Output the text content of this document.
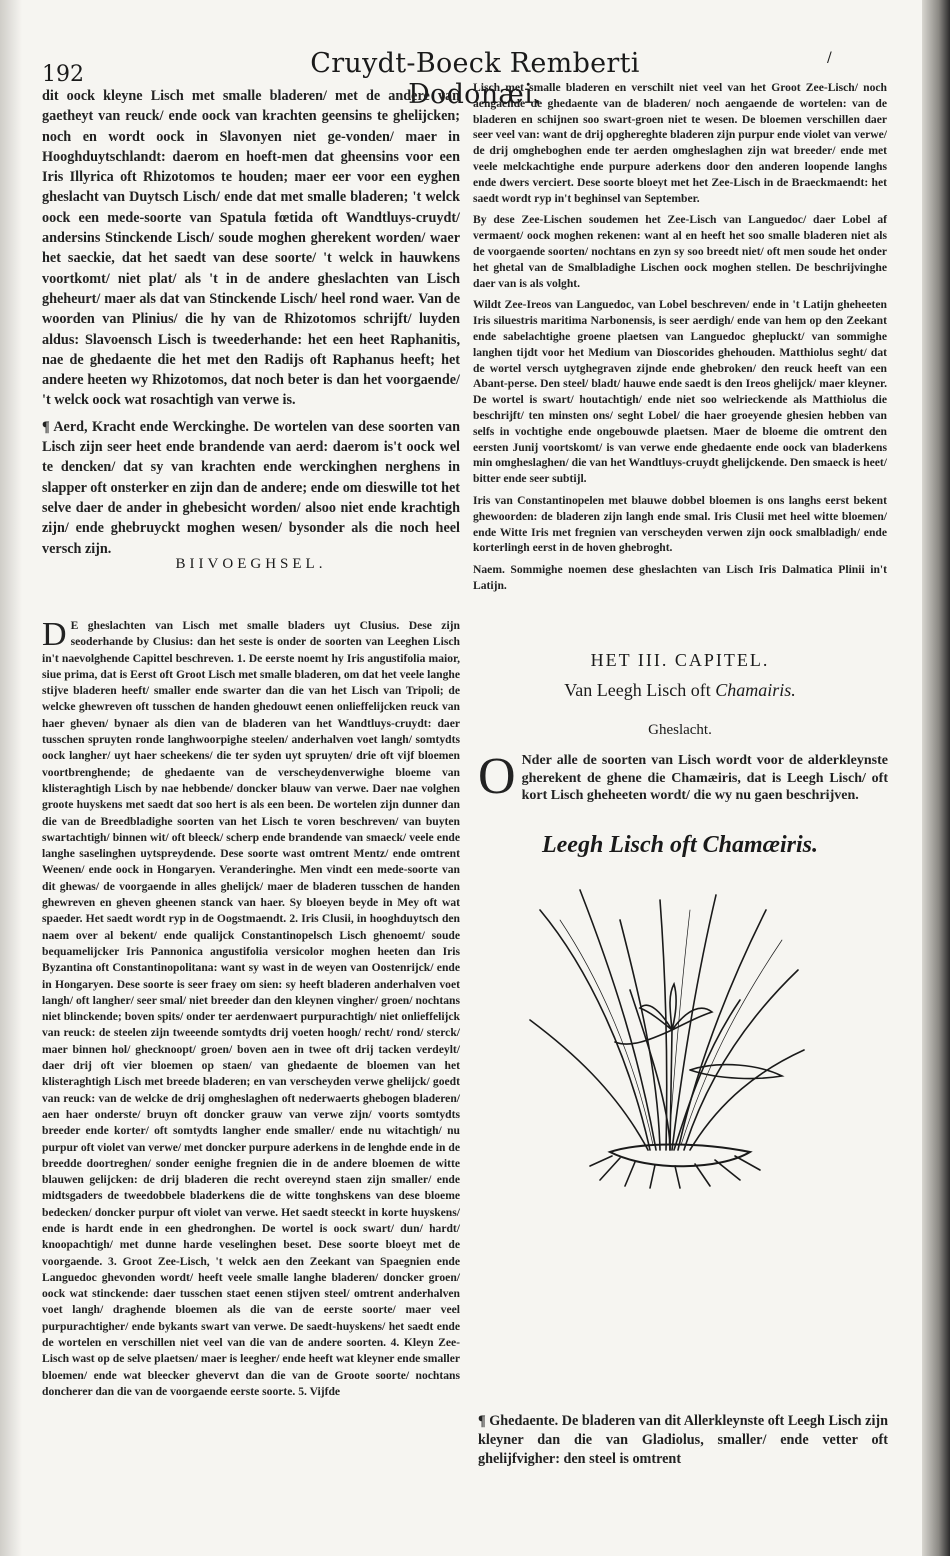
192	Cruydt-Boeck Remberti Dodonæi.
/

dit oock kleyne Lisch met smalle bladeren/ met de andere van gaetheyt van reuck/ ende oock van krachten geensins te ghelijcken; noch en wordt oock in Slavonyen niet ge-vonden/ maer in Hooghduytschlandt: daerom en hoeft-men dat gheensins voor een Iris Illyrica oft Rhizotomos te houden; maer eer voor een eyghen gheslacht van Duytsch Lisch/ ende dat met smalle bladeren; 't welck oock een mede-soorte van Spatula fœtida oft Wandtluys-cruydt/ andersins Stinckende Lisch/ soude moghen gherekent worden/ waer het saeckie, dat het saedt van dese soorte/ 't welck in hauwkens voortkomt/ niet plat/ als 't in de andere gheslachten van Lisch gheheurt/ maer als dat van Stinckende Lisch/ heel rond waer. Van de woorden van Plinius/ die hy van de Rhizotomos schrijft/ luyden aldus: Slavoensch Lisch is tweederhande: het een heet Raphanitis, nae de ghedaente die het met den Radijs oft Raphanus heeft; het andere heeten wy Rhizotomos, dat noch beter is dan het voorgaende/ 't welck oock wat rosachtigh van verwe is.

¶ Aerd, Kracht ende Werckinghe. De wortelen van dese soorten van Lisch zijn seer heet ende brandende van aerd: daerom is't oock wel te dencken/ dat sy van krachten ende werckinghen nerghens in slapper oft onsterker en zijn dan de andere; ende om dieswille tot het selve daer de ander in ghebesicht worden/ alsoo niet ende krachtigh zijn/ ende ghebruyckt moghen wesen/ bysonder als die noch heel versch zijn.

BIIVOEGHSEL.
D E gheslachten van Lisch met smalle bladers uyt Clusius. Dese zijn seoderhande by Clusius: dan het seste is onder de soorten van Leeghen Lisch in't naevolghende Capittel beschreven. 1. De eerste noemt hy Iris angustifolia maior, siue prima, dat is Eerst oft Groot Lisch met smalle bladeren, om dat het veele langhe stijve bladeren heeft/ smaller ende swarter dan die van het Lisch van Tripoli; de welcke ghewreven oft tusschen de handen ghedouwt eenen onlieffelijcken reuck van haer gheven/ bynaer als dien van de bladeren van het Wandtluys-cruydt: daer tusschen spruyten ronde langhwoorpighe steelen/ anderhalven voet langh/ somtydts oock langher/ uyt haer scheekens/ die ter syden uyt spruyten/ drie oft vijf bloemen voortbrenghende; de ghedaente van de verscheydenverwighe bloeme van klisteraghtigh Lisch by nae hebbende/ doncker blauw van verwe. Daer nae volghen groote huyskens met saedt dat soo hert is als een been. De wortelen zijn dunner dan die van de Breedbladighe soorten van het Lisch te voren beschreven/ van buyten swartachtigh/ binnen wit/ oft bleeck/ scherp ende brandende van smaeck/ veele ende langhe saselinghen uytspreydende. Dese soorte wast omtrent Mentz/ ende omtrent Weenen/ ende oock in Hongaryen. Veranderinghe. Men vindt een mede-soorte van dit ghewas/ de voorgaende in alles ghelijck/ maer de bladeren tusschen de handen ghewreven en gheven gheenen stanck van haer. Sy bloeyen beyde in Mey oft wat spaeder. Het saedt wordt ryp in de Oogstmaendt. 2. Iris Clusii, in hooghduytsch den naem over al bekent/ ende qualijck Constantinopelsch Lisch ghenoemt/ soude bequamelijcker Iris Pannonica angustifolia versicolor moghen heeten dan Iris Byzantina oft Constantinopolitana: want sy wast in de weyen van Oostenrijck/ ende in Hongaryen. Dese soorte is seer fraey om sien: sy heeft bladeren anderhalven voet langh/ oft langher/ seer smal/ niet breeder dan den kleynen vingher/ groen/ nochtans niet blinckende; boven spits/ onder ter aerdenwaert purpurachtigh/ niet onlieffelijck van reuck: de steelen zijn tweeende somtydts drij voeten hoogh/ recht/ rond/ sterck/ maer binnen hol/ ghecknoopt/ groen/ boven aen in twee oft drij tacken verdeylt/ daer drij oft vier bloemen op staen/ van ghedaente de bloemen van het klisteraghtigh Lisch met breede bladeren; en van verscheyden verwe ghelijck/ goedt van reuck: van de welcke de drij omgheslaghen oft nederwaerts ghebogen bladeren/ aen haer onderste/ bruyn oft doncker grauw van verwe zijn/ voorts somtydts breeder ende korter/ oft somtydts langher ende smaller/ ende nu witachtigh/ nu purpur oft violet van verwe/ met doncker purpure aderkens in de lenghde ende in de breedde doortreghen/ sonder eenighe fregnien die in de andere bloemen de witte blauwen gelijcken: de drij bladeren die recht overeynd staen zijn smaller/ ende midtsgaders de tweedobbele bladerkens die de witte tonghskens van dese bloeme bedecken/ doncker purpur oft violet van verwe. Het saedt steeckt in korte huyskens/ ende is hardt ende in een ghedronghen. De wortel is oock swart/ dun/ hardt/ knoopachtigh/ met dunne harde veselinghen beset. Dese soorte bloeyt met de voorgaende. 3. Groot Zee-Lisch, 't welck aen den Zeekant van Spaegnien ende Languedoc ghevonden wordt/ heeft veele smalle langhe bladeren/ doncker groen/ oock wat stinckende: daer tusschen staet eenen stijven steel/ omtrent anderhalven voet langh/ draghende bloemen als die van de eerste soorte/ maer veel purpurachtigher/ ende bykants swart van verwe. De saedt-huyskens/ het saedt ende de wortelen en verschillen niet veel van die van de andere soorten. 4. Kleyn Zee-Lisch wast op de selve plaetsen/ maer is leegher/ ende heeft wat kleyner ende smaller bloemen/ ende wat bleecker ghevervt dan die van de Groote soorte/ nochtans doncherer dan die van de voorgaende eerste soorte. 5. Vijfde

Lisch met smalle bladeren en verschilt niet veel van het Groot Zee-Lisch/ noch aengaende de ghedaente van de bladeren/ noch aengaende de wortelen: van de bladeren en schijnen soo swart-groen niet te wesen. De bloemen verschillen daer seer veel van: want de drij opghereghte bladeren zijn purpur ende violet van verwe/ de drij omgheboghen ende ter aerden omgheslaghen zijn wat breeder/ ende met veele melckachtighe ende purpure aderkens door den anderen loopende langhs ende dwers verciert. Dese soorte bloeyt met het Zee-Lisch in de Braeckmaendt: het saedt wordt ryp in't beghinsel van September.

By dese Zee-Lischen soudemen het Zee-Lisch van Languedoc/ daer Lobel af vermaent/ oock moghen rekenen: want al en heeft het soo smalle bladeren niet als de voorgaende soorten/ nochtans en zyn sy soo breedt niet/ oft men soude het onder het ghetal van de Smalbladighe Lischen oock moghen stellen. De beschrijvinghe daer van is als volght.

Wildt Zee-Ireos van Languedoc, van Lobel beschreven/ ende in 't Latijn gheheeten Iris siluestris maritima Narbonensis, is seer aerdigh/ ende van hem op den Zeekant ende sabelachtighe groene plaetsen van Languedoc ghepluckt/ van sommighe langhen tijdt voor het Medium van Dioscorides ghehouden. Matthiolus seght/ dat de wortel versch uytghegraven zijnde ende ghebroken/ den reuck heeft van een Abant-perse. Den steel/ bladt/ hauwe ende saedt is den Ireos ghelijck/ maer kleyner. De wortel is swart/ houtachtigh/ ende niet soo welrieckende als Matthiolus die beschrijft/ ten minsten ons/ seght Lobel/ die haer groeyende ghesien hebben van selfs in vochtighe ende ongebouwde plaetsen. Maer de bloeme die omtrent den eersten Junij voortskomt/ is van verwe ende ghedaente ende oock van bladerkens min omgheslaghen/ die van het Wandtluys-cruydt ghelijckende. Den smaeck is heet/ bitter ende seer subtijl.

Iris van Constantinopelen met blauwe dobbel bloemen is ons langhs eerst bekent ghewoorden: de bladeren zijn langh ende smal. Iris Clusii met heel witte bloemen/ ende Witte Iris met fregnien van verscheyden verwen zijn oock smalbladigh/ ende korterlingh eerst in de hoven ghebroght.

Naem. Sommighe noemen dese gheslachten van Lisch Iris Dalmatica Plinii in't Latijn.

HET III. CAPITEL.
Van Leegh Lisch oft Chamairis.
Gheslacht.
O Nder alle de soorten van Lisch wordt voor de alderkleynste gherekent de ghene die Chamæiris, dat is Leegh Lisch/ oft kort Lisch gheheeten wordt/ die wy nu gaen beschrijven.
Leegh Lisch oft Chamæiris.
¶ Ghedaente. De bladeren van dit Allerkleynste oft Leegh Lisch zijn kleyner dan die van Gladiolus, smaller/ ende vetter oft ghelijfvigher: den steel is omtrent
